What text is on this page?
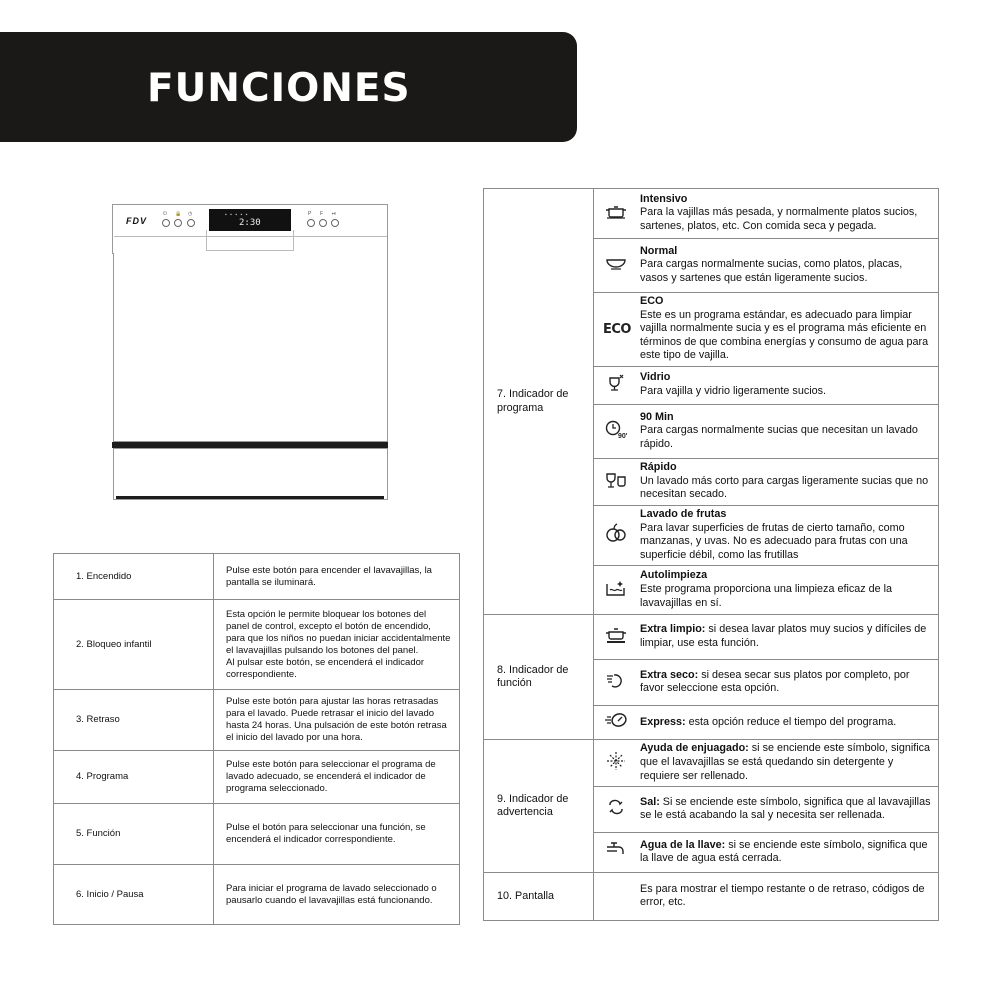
FUNCIONES
FDV
⏻ 🔒 ◷	▪ ▪ ▪ ▪ ▪
2:30
P F ⏯
1. Encendido	Pulse este botón para encender el lavavajillas, la pantalla se iluminará.
2. Bloqueo infantil	Esta opción le permite bloquear los botones del panel de control, excepto el botón de encendido, para que los niños no puedan iniciar accidentalmente el lavavajillas pulsando los botones del panel.
Al pulsar este botón, se encenderá el indicador correspondiente.

3. Retraso	Pulse este botón para ajustar las horas retrasadas para el lavado. Puede retrasar el inicio del lavado hasta 24 horas. Una pulsación de este botón retrasa el inicio del lavado por una hora.
4. Programa	Pulse este botón para seleccionar el programa de lavado adecuado, se encenderá el indicador de programa seleccionado.
5. Función	Pulse el botón para seleccionar una función, se encenderá el indicador correspondiente.
6. Inicio / Pausa	Para iniciar el programa de lavado seleccionado o pausarlo cuando el lavavajillas está funcionando.
7. Indicador de programa		Intensivo
Para la vajillas más pesada, y normalmente platos sucios, sartenes, platos, etc. Con comida seca y pegada.
	Normal
Para cargas normalmente sucias, como platos, placas, vasos y sartenes que están ligeramente sucios.
	ECO	ECO
Este es un programa estándar, es adecuado para limpiar vajilla normalmente sucia y es el programa más eficiente en términos de que combina energías y consumo de agua para este tipo de vajilla.
	Vidrio
Para vajilla y vidrio ligeramente sucios.

90'	90 Min
Para cargas normalmente sucias que necesitan un lavado rápido.
	Rápido
Un lavado más corto para cargas ligeramente sucias que no necesitan secado.
	Lavado de frutas
Para lavar superficies de frutas de cierto tamaño, como manzanas, y uvas. No es adecuado para frutas con una superficie débil, como las frutillas
	Autolimpieza
Este programa proporciona una limpieza eficaz de la lavavajillas en sí.
8. Indicador de función		Extra limpio: si desea lavar platos muy sucios y difíciles de limpiar, use esta función.
	Extra seco: si desea secar sus platos por completo, por favor seleccione esta opción.
	Express: esta opción reduce el tiempo del programa.
9. Indicador de advertencia		Ayuda de enjuagado: si se enciende este símbolo, significa que el lavavajillas se está quedando sin detergente y requiere ser rellenado.
	Sal: Si se enciende este símbolo, significa que al lavavajillas se le está acabando la sal y necesita ser rellenada.
	Agua de la llave: si se enciende este símbolo, significa que la llave de agua está cerrada.
10. Pantalla	Es para mostrar el tiempo restante o de retraso, códigos de error, etc.	
